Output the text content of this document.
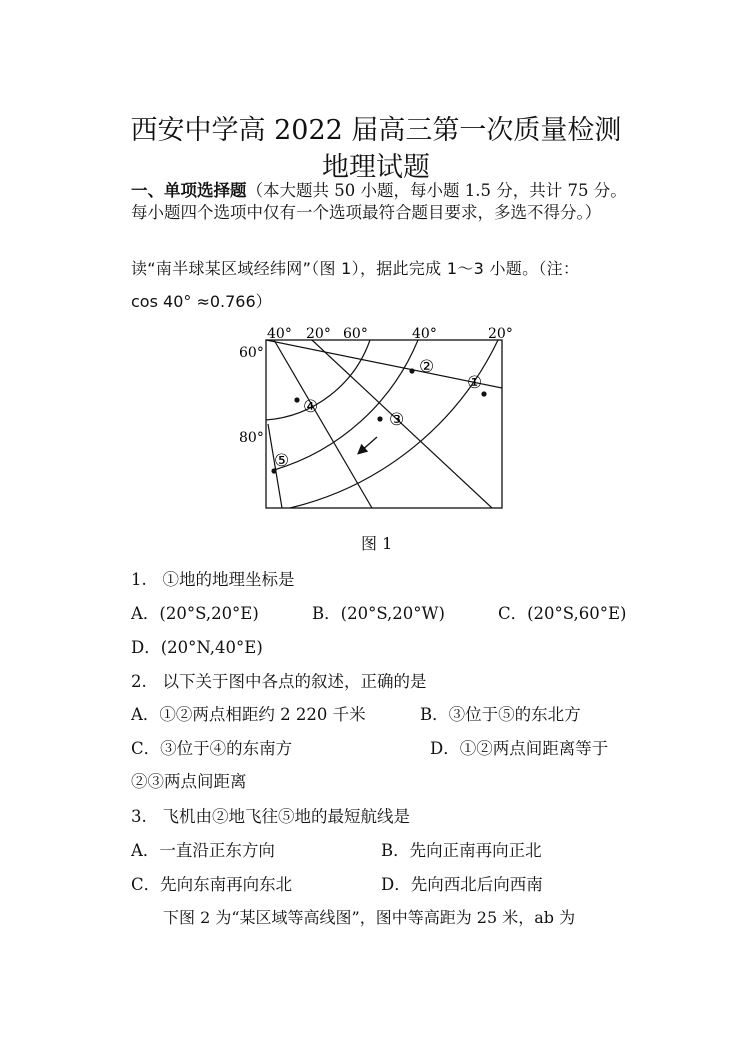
西安中学高 2022 届高三第一次质量检测
地理试题
一、单项选择题（本大题共 50 小题，每小题 1.5 分，共计 75 分。
每小题四个选项中仅有一个选项最符合题目要求，多选不得分。）
读“南半球某区域经纬网”（图 1），据此完成 1～3 小题。（注：
cos 40° ≈0.766）
40° 20° 60°	40°	20°
60°
80°
①
②
③
④
⑤
图 1
1. ①地的地理坐标是
A．(20°S,20°E)	B．(20°S,20°W)	C．(20°S,60°E)
D．(20°N,40°E)
2. 以下关于图中各点的叙述，正确的是
A．①②两点相距约 2 220 千米	B．③位于⑤的东北方
C．③位于④的东南方	D．①②两点间距离等于
②③两点间距离
3. 飞机由②地飞往⑤地的最短航线是
A．一直沿正东方向	B．先向正南再向正北
C．先向东南再向东北	D．先向西北后向西南
下图 2 为“某区域等高线图”，图中等高距为 25 米，ab 为
